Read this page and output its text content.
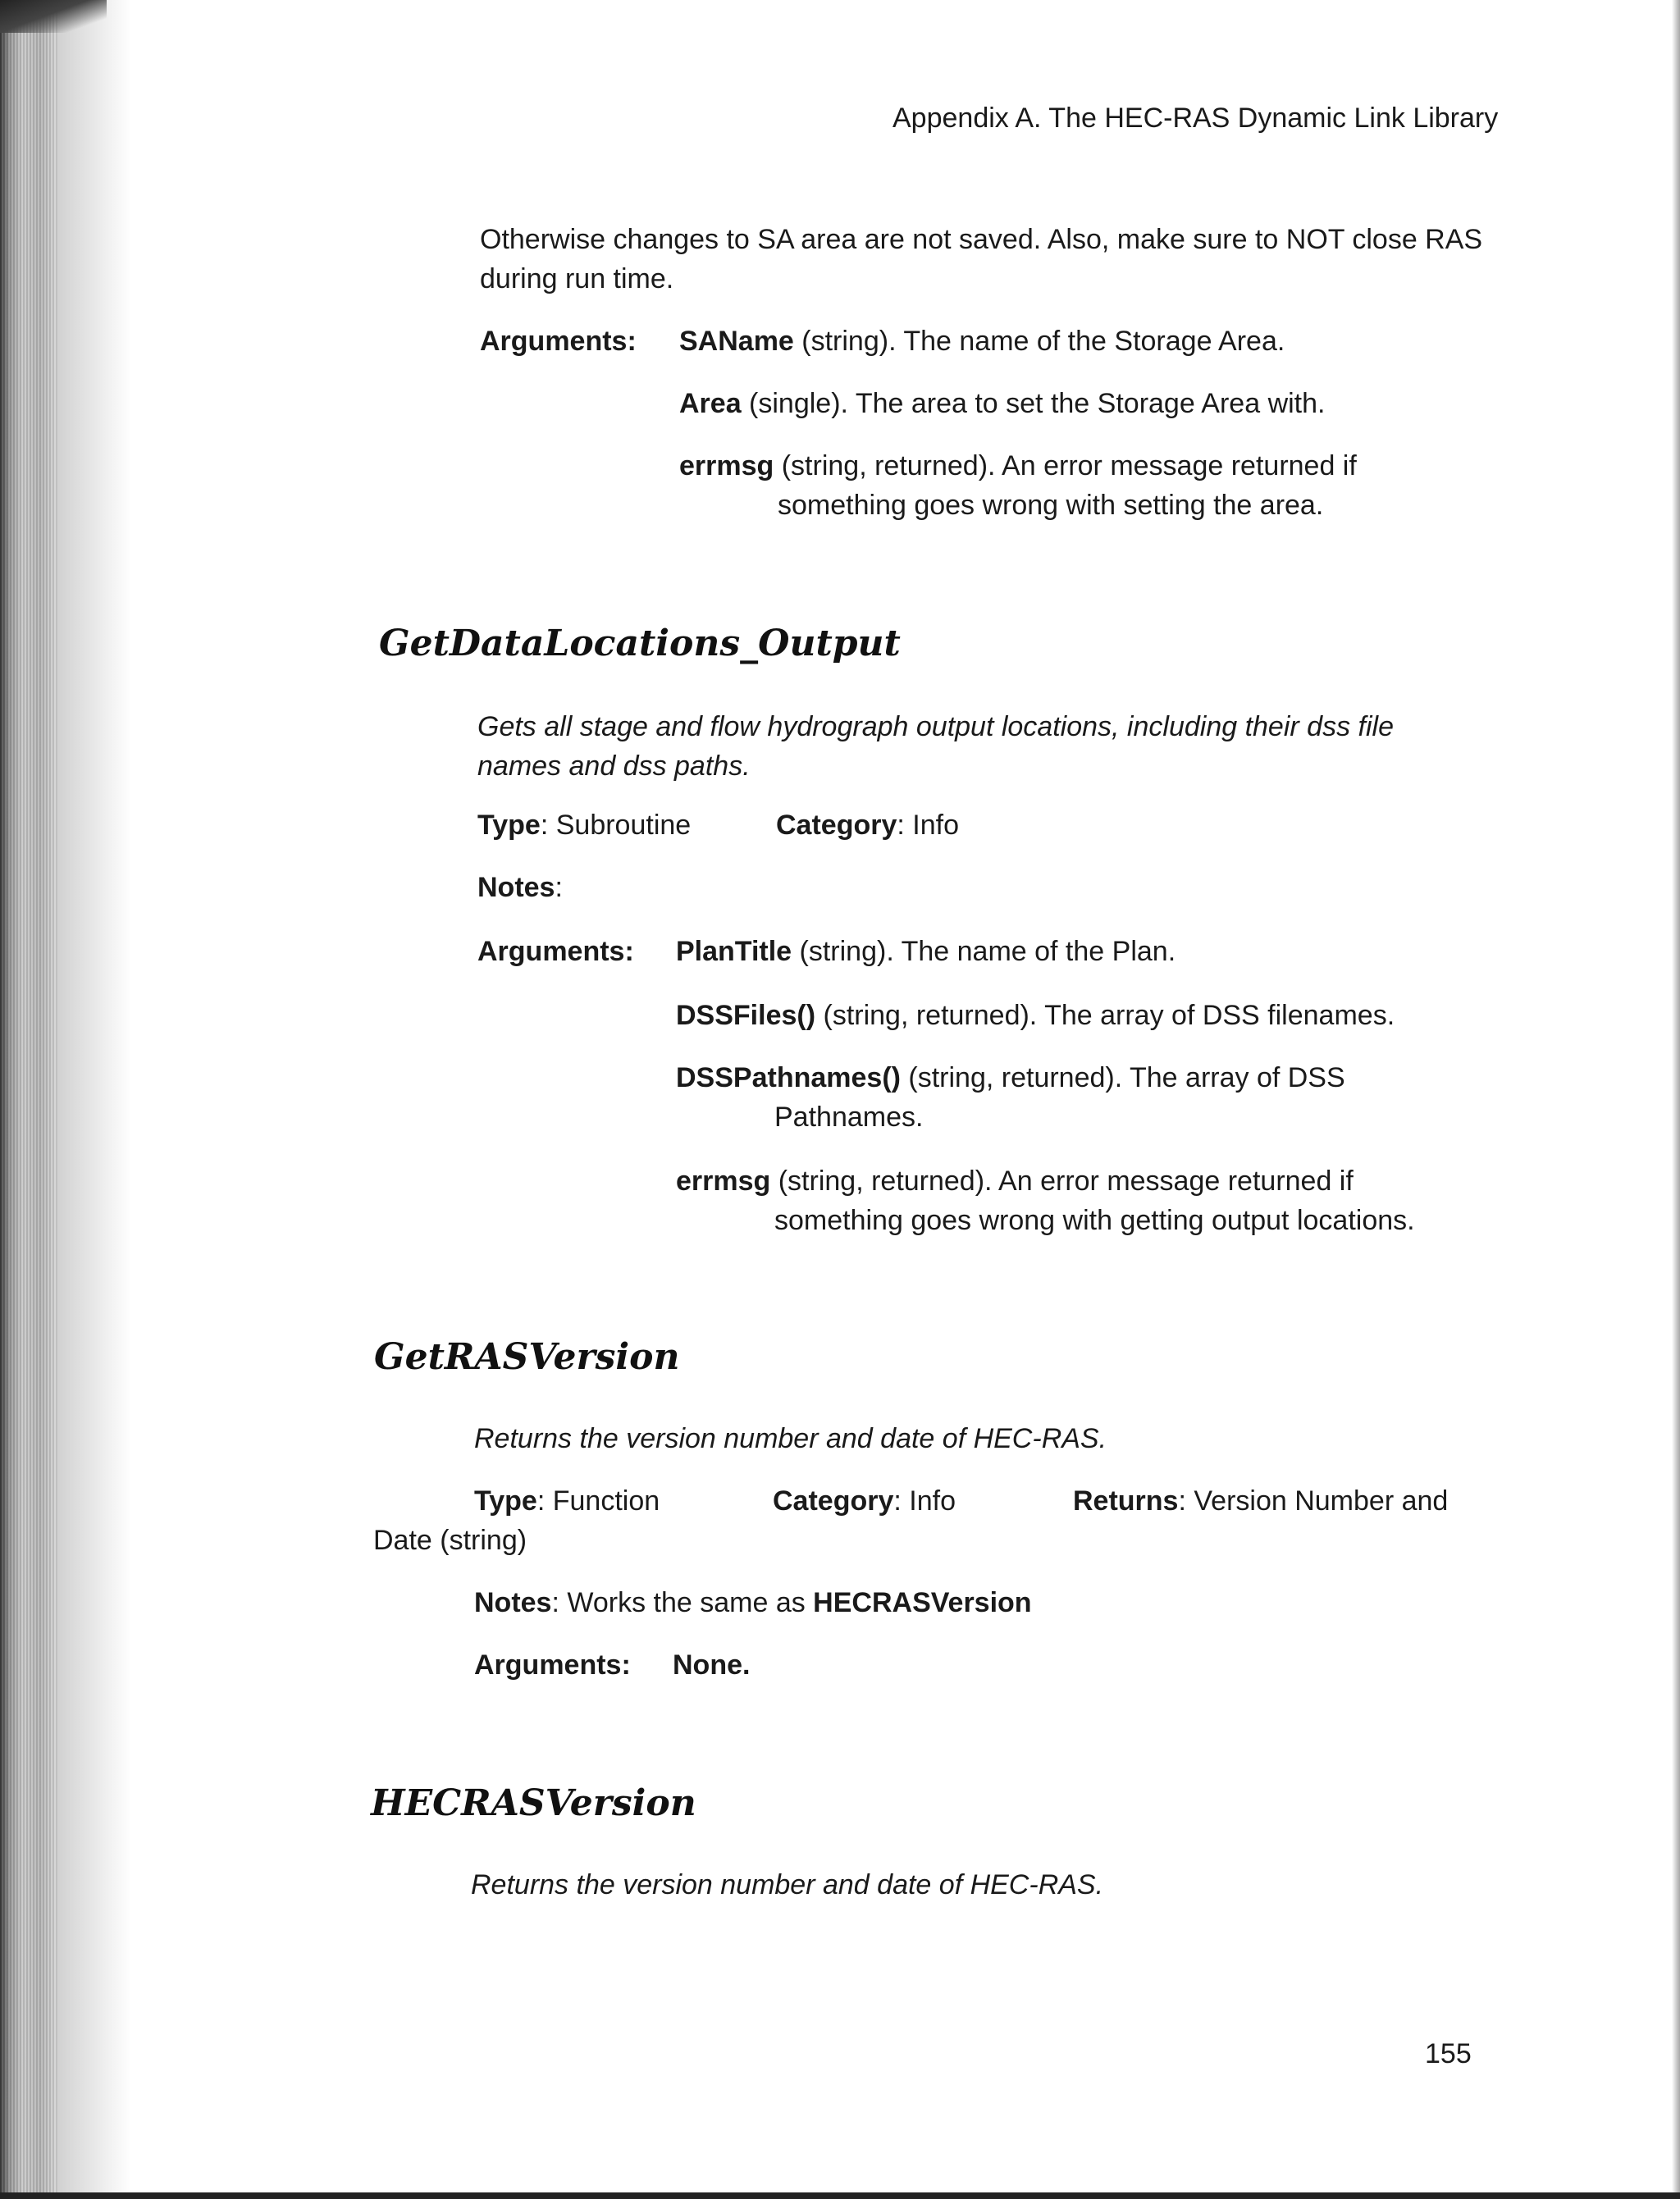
Appendix A. The HEC-RAS Dynamic Link Library
Otherwise changes to SA area are not saved. Also, make sure to NOT close RAS
during run time.
Arguments: SAName (string). The name of the Storage Area.
Area (single). The area to set the Storage Area with.
errmsg (string, returned). An error message returned if
something goes wrong with setting the area.
GetDataLocations_Output
Gets all stage and flow hydrograph output locations, including their dss file
names and dss paths.
Type: Subroutine	Category: Info
Notes:
Arguments: PlanTitle (string). The name of the Plan.
DSSFiles() (string, returned). The array of DSS filenames.
DSSPathnames() (string, returned). The array of DSS
Pathnames.
errmsg (string, returned). An error message returned if
something goes wrong with getting output locations.
GetRASVersion
Returns the version number and date of HEC-RAS.
Type: Function	Category: Info	Returns: Version Number and
Date (string)
Notes: Works the same as HECRASVersion
Arguments: None.
HECRASVersion
Returns the version number and date of HEC-RAS.
155
